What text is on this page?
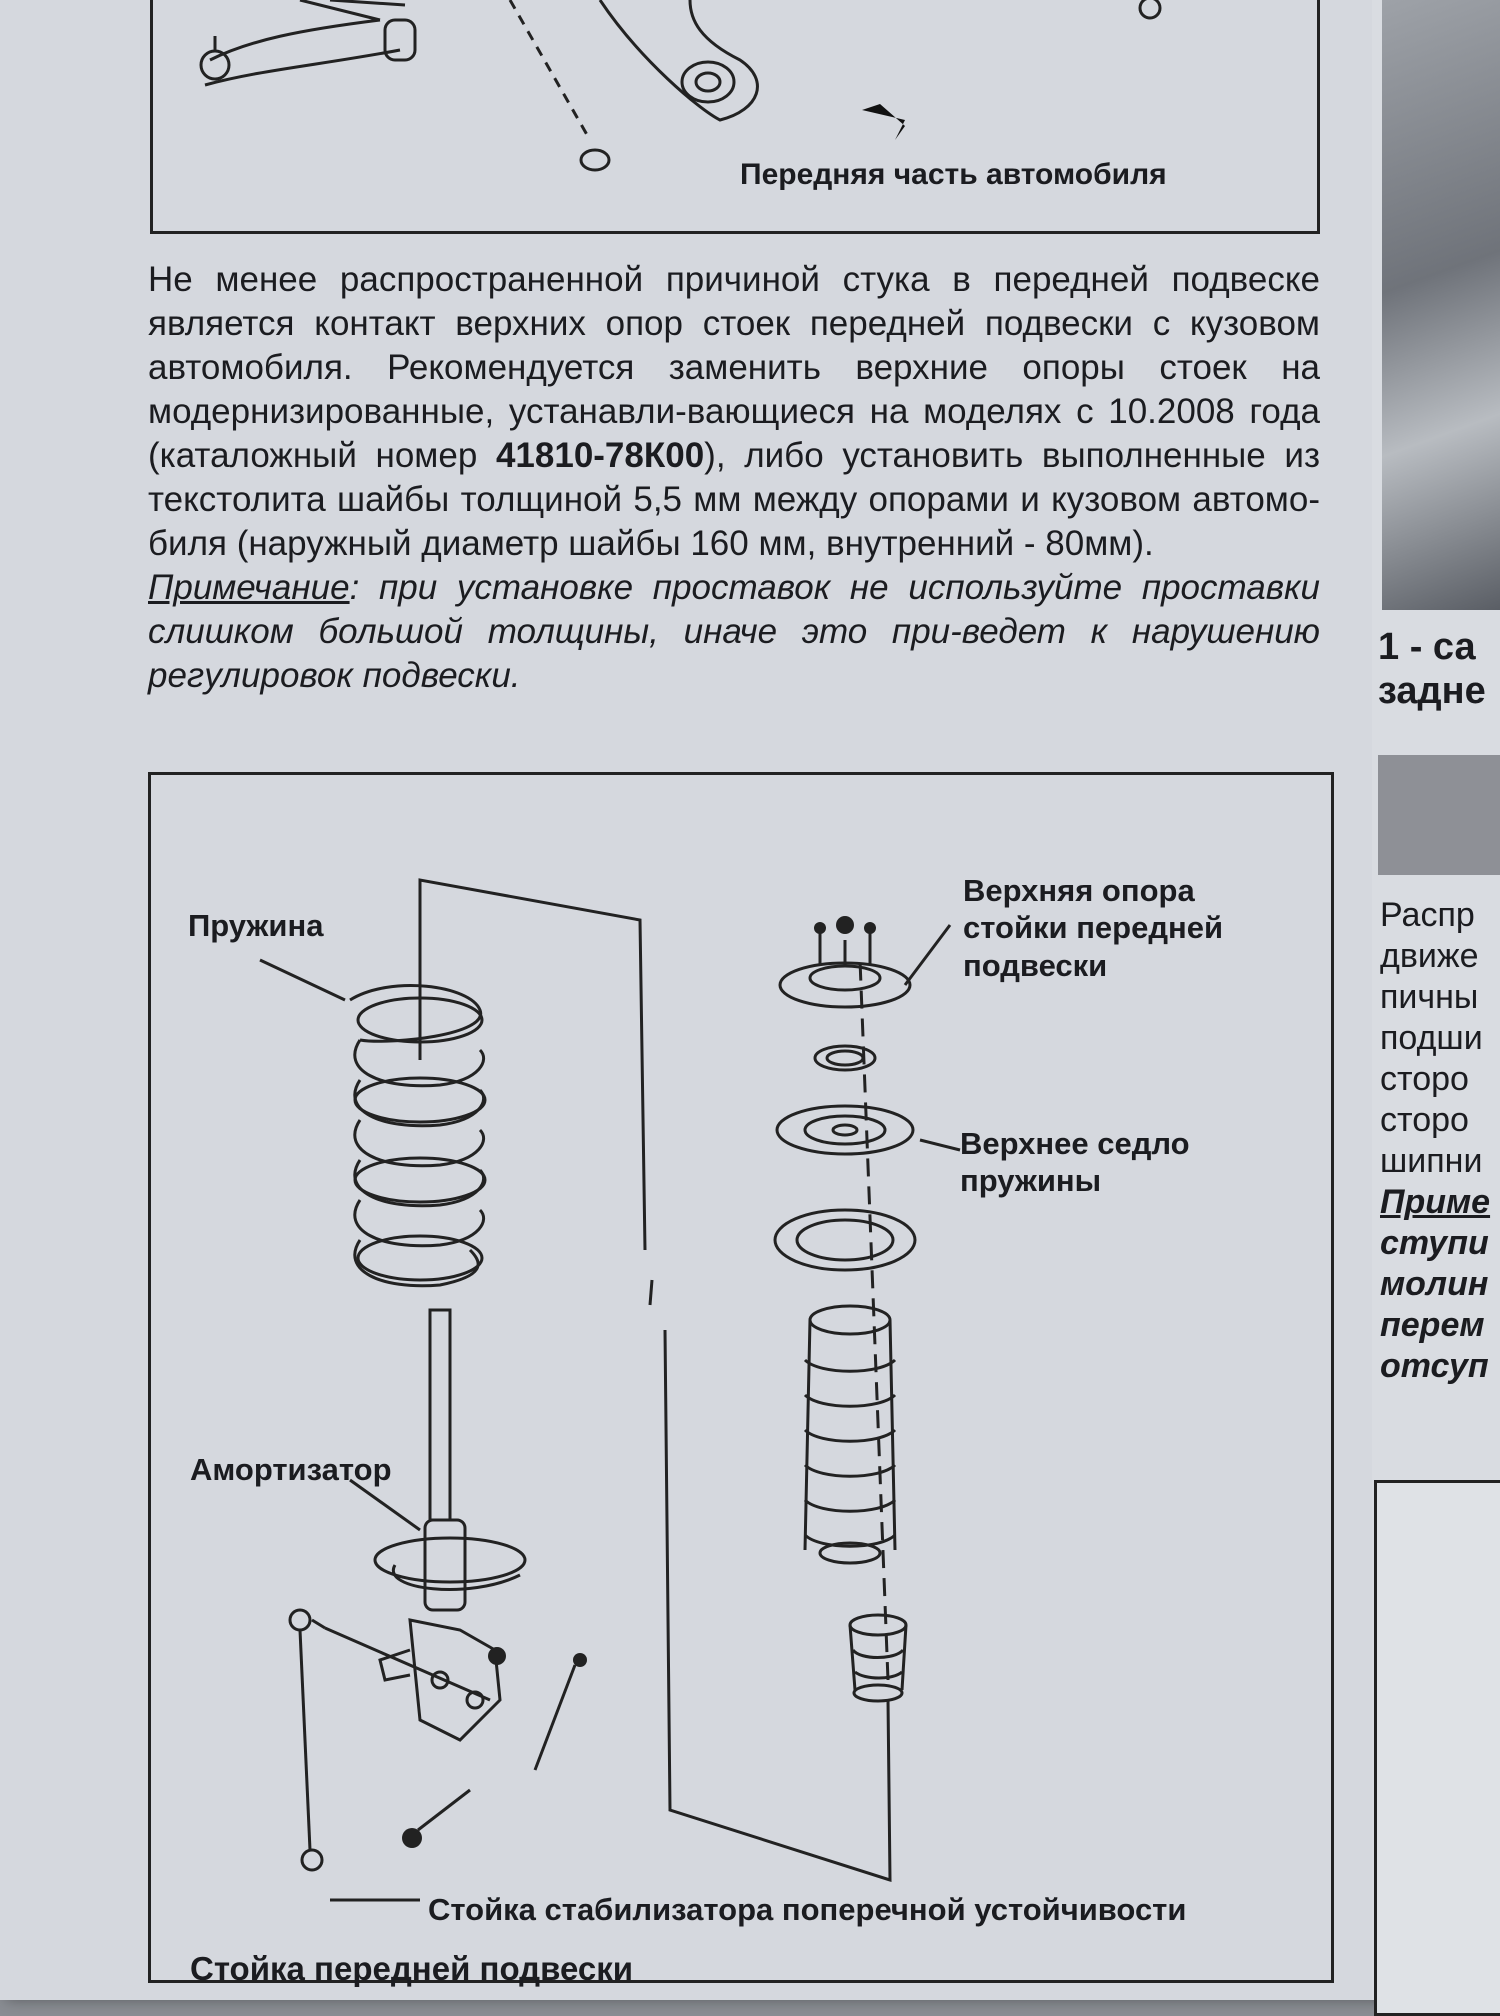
Передняя часть автомобиля

Не менее распространенной причиной стука в передней подвеске является контакт верхних опор стоек передней подвески с кузовом автомобиля. Рекомендуется заменить верхние опоры стоек на модернизированные, устанавли-вающиеся на моделях с 10.2008 года (каталожный номер 41810-78К00), либо установить выполненные из текстолита шайбы толщиной 5,5 мм между опорами и кузовом автомо-биля (наружный диаметр шайбы 160 мм, внутренний - 80мм).

Примечание: при установке проставок не используйте проставки слишком большой толщины, иначе это при-ведет к нарушению регулировок подвески.

Пружина
Верхняя опора
стойки передней
подвески
Верхнее седло
пружины
Амортизатор
Стойка стабилизатора поперечной устойчивости
Стойка передней подвески
1 - са
задне
Распр
движе
пичны
подши
сторо
сторо
шипни
Приме
ступи
молин
перем
отсуп
